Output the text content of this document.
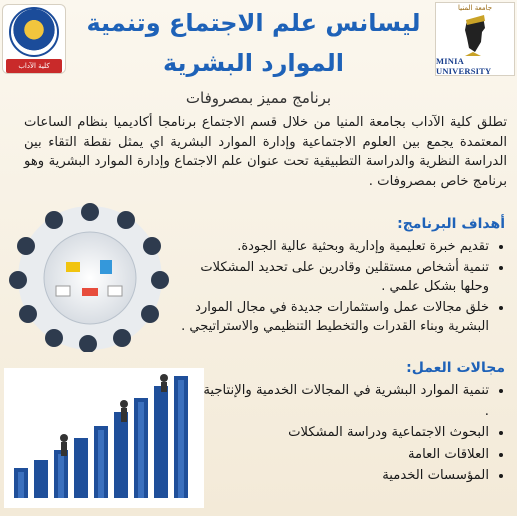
كلية الآداب
جامعة المنيا
MINIA UNIVERSITY
ليسانس علم الاجتماع وتنمية
الموارد البشرية
برنامج مميز بمصروفات
تطلق كلية الآداب بجامعة المنيا من خلال قسم الاجتماع برنامجا أكاديميا بنظام الساعات المعتمدة يجمع بين العلوم الاجتماعية وإدارة الموارد البشرية اي يمثل نقطة التقاء بين الدراسة النظرية والدراسة التطبيقية تحت عنوان علم الاجتماع وإدارة الموارد البشرية وهو برنامج خاص بمصروفات .
أهداف البرنامج:
• تقديم خبرة تعليمية وإدارية وبحثية عالية الجودة.
• تنمية أشخاص مستقلين وقادرين على تحديد المشكلات وحلها بشكل علمي .
• خلق مجالات عمل واستثمارات جديدة في مجال الموارد البشرية وبناء القدرات والتخطيط التنظيمي والاستراتيجي .
مجالات العمل:
• تنمية الموارد البشرية في المجالات الخدمية والإنتاجية .
• البحوث الاجتماعية ودراسة المشكلات
• العلاقات العامة
• المؤسسات الخدمية
